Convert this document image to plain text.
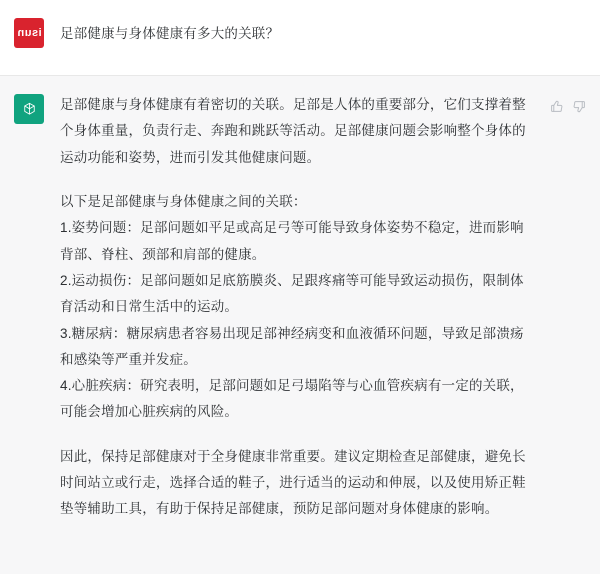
isun 足部健康与身体健康有多大的关联？
足部健康与身体健康有着密切的关联。足部是人体的重要部分，它们支撑着整
个身体重量，负责行走、奔跑和跳跃等活动。足部健康问题会影响整个身体的
运动功能和姿势，进而引发其他健康问题。
以下是足部健康与身体健康之间的关联：
1.姿势问题：足部问题如平足或高足弓等可能导致身体姿势不稳定，进而影响
背部、脊柱、颈部和肩部的健康。
2.运动损伤：足部问题如足底筋膜炎、足跟疼痛等可能导致运动损伤，限制体
育活动和日常生活中的运动。
3.糖尿病：糖尿病患者容易出现足部神经病变和血液循环问题，导致足部溃疡
和感染等严重并发症。
4.心脏疾病：研究表明，足部问题如足弓塌陷等与心血管疾病有一定的关联，
可能会增加心脏疾病的风险。
因此，保持足部健康对于全身健康非常重要。建议定期检查足部健康，避免长
时间站立或行走，选择合适的鞋子，进行适当的运动和伸展，以及使用矫正鞋
垫等辅助工具，有助于保持足部健康，预防足部问题对身体健康的影响。
